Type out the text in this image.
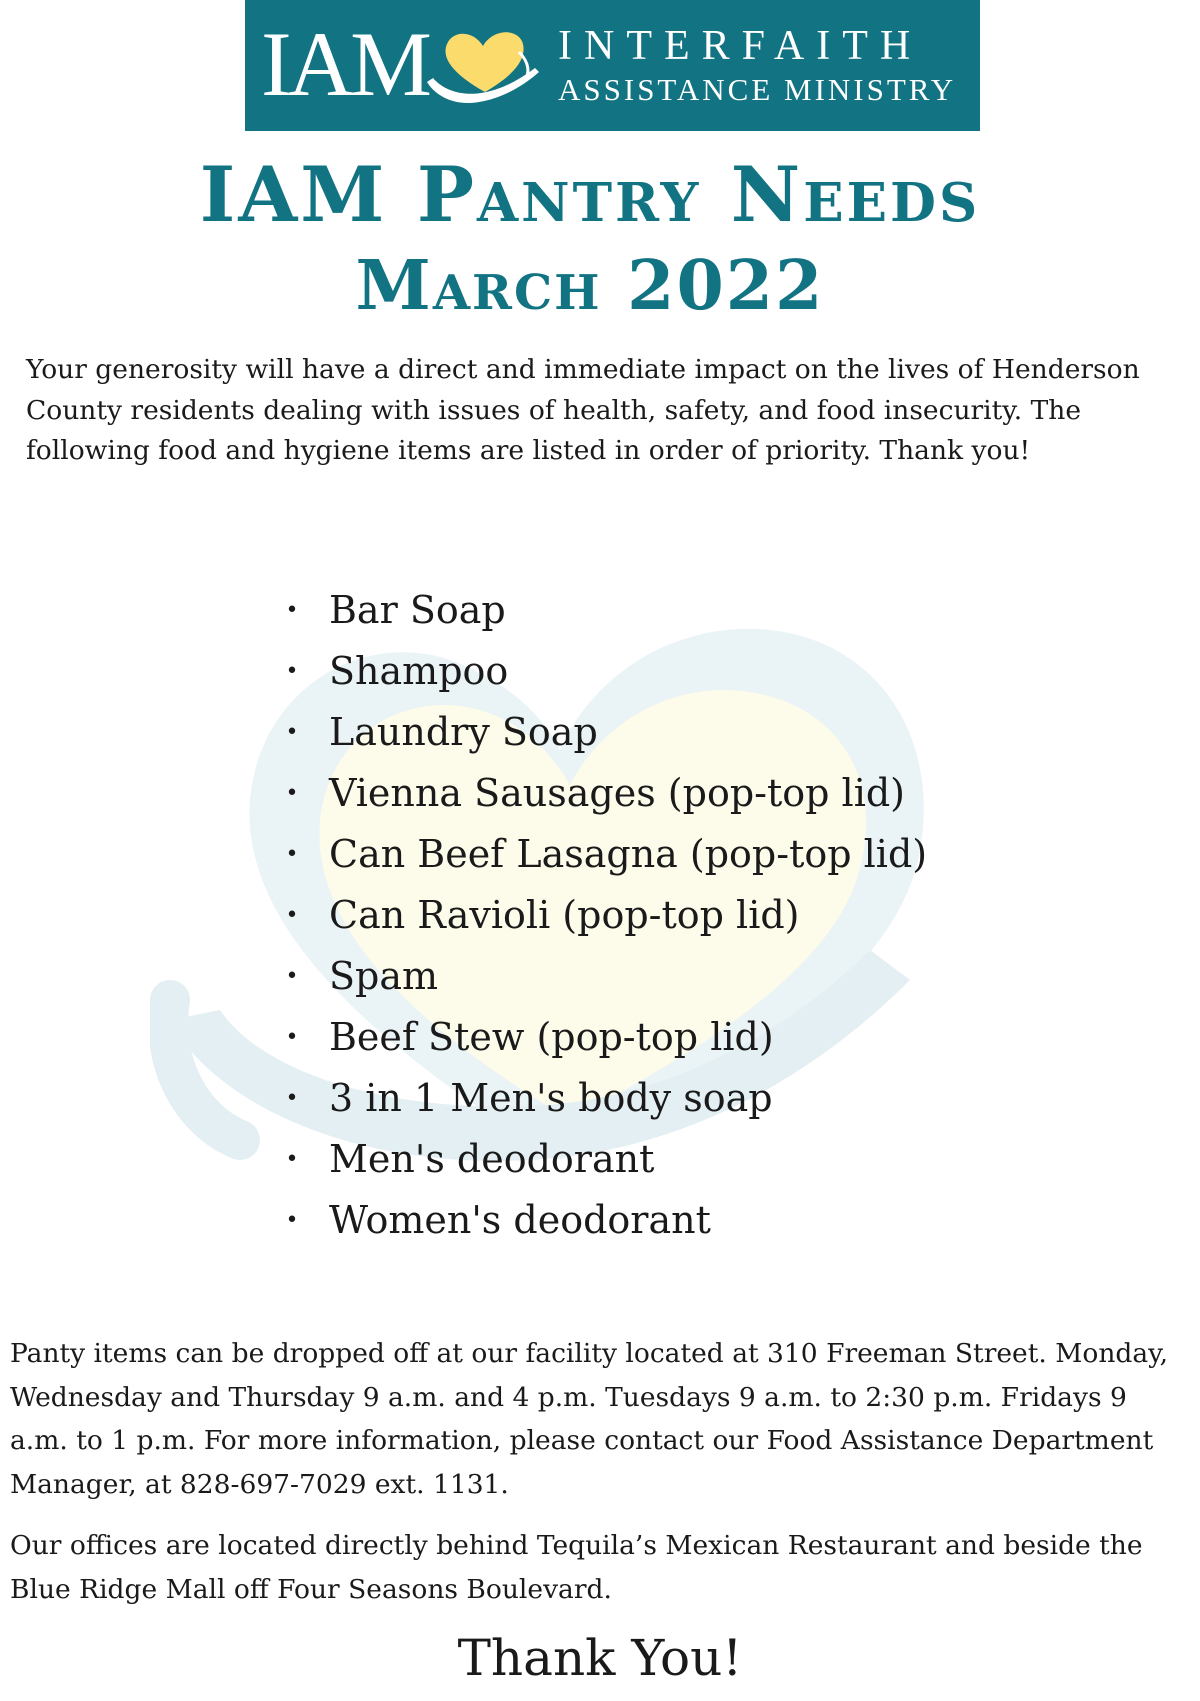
IAM	INTERFAITH
ASSISTANCE MINISTRY
IAM Pantry Needs
March 2022

Your generosity will have a direct and immediate impact on the lives of Henderson County residents dealing with issues of health, safety, and food insecurity. The following food and hygiene items are listed in order of priority. Thank you!

• Bar Soap
• Shampoo
• Laundry Soap
• Vienna Sausages (pop-top lid)
• Can Beef Lasagna (pop-top lid)
• Can Ravioli (pop-top lid)
• Spam
• Beef Stew (pop-top lid)
• 3 in 1 Men's body soap
• Men's deodorant
• Women's deodorant

Panty items can be dropped off at our facility located at 310 Freeman Street. Monday, Wednesday and Thursday 9 a.m. and 4 p.m. Tuesdays 9 a.m. to 2:30 p.m. Fridays 9 a.m. to 1 p.m. For more information, please contact our Food Assistance Department Manager, at 828-697-7029 ext. 1131.

Our offices are located directly behind Tequila’s Mexican Restaurant and beside the Blue Ridge Mall off Four Seasons Boulevard.

Thank You!
